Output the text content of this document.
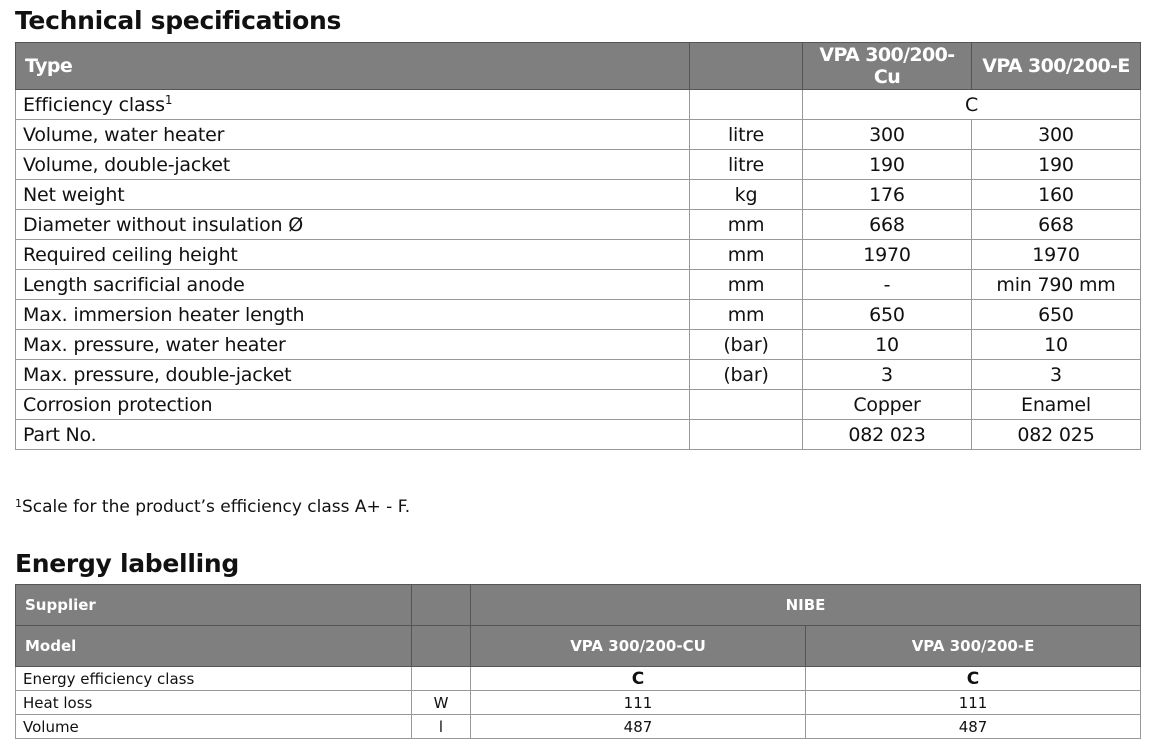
Technical specifications
Type		VPA 300/200-Cu	VPA 300/200-E
Efficiency class$^1$		C	
Volume, water heater	litre	300	300
Volume, double-jacket	litre	190	190
Net weight	kg	176	160
Diameter without insulation Ø	mm	668	668
Required ceiling height	mm	1970	1970
Length sacrificial anode	mm	-	min 790 mm
Max. immersion heater length	mm	650	650
Max. pressure, water heater	(bar)	10	10
Max. pressure, double-jacket	(bar)	3	3
Corrosion protection		Copper	Enamel
Part No.		082 023	082 025

$^1$Scale for the product’s efficiency class A+ - F.

Energy labelling
Supplier		NIBE	
Model		VPA 300/200-CU	VPA 300/200-E
Energy efficiency class		C	C
Heat loss	W	111	111
Volume	l	487	487
